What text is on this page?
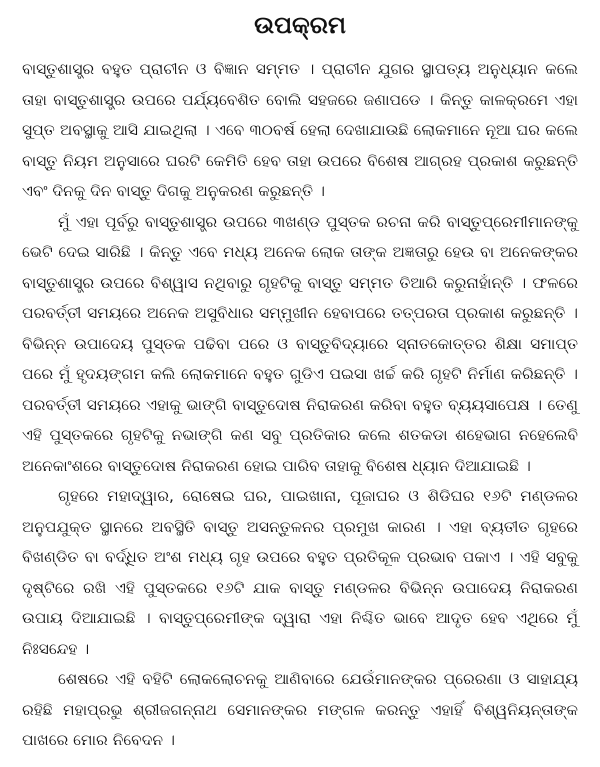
ଉପକ୍ରମ

ବାସ୍ତୁଶାସ୍ତ୍ର ବହୁତ ପ୍ରାଚୀନ ଓ ବିଜ୍ଞାନ ସମ୍ମତ । ପ୍ରାଚୀନ ଯୁଗର ସ୍ଥାପତ୍ୟ ଅନୁଧ୍ୟାନ କଲେ ତାହା ବାସ୍ତୁଶାସ୍ତ୍ର ଉପରେ ପର୍ଯ୍ୟବେଶିତ ବୋଲି ସହଜରେ ଜଣାପଡେ । କିନ୍ତୁ କାଳକ୍ରମେ ଏହା ସୁପ୍ତ ଅବସ୍ଥାକୁ ଆସି ଯାଇଥିଲା । ଏବେ ୩୦ବର୍ଷ ହେଲା ଦେଖାଯାଉଛି ଲୋକମାନେ ନୂଆ ଘର କଲେ ବାସ୍ତୁ ନିୟମ ଅନୁସାରେ ଘରଟି କେମିତି ହେବ ତାହା ଉପରେ ବିଶେଷ ଆଗ୍ରହ ପ୍ରକାଶ କରୁଛନ୍ତି ଏବଂ ଦିନକୁ ଦିନ ବାସ୍ତୁ ଦିଗକୁ ଅନୁକରଣ କରୁଛନ୍ତି ।

ମୁଁ ଏହା ପୂର୍ବରୁ ବାସ୍ତୁଶାସ୍ତ୍ର ଉପରେ ୩ଖଣ୍ଡ ପୁସ୍ତକ ରଚନା କରି ବାସ୍ତୁପ୍ରେମୀମାନଙ୍କୁ ଭେଟି ଦେଇ ସାରିଛି । କିନ୍ତୁ ଏବେ ମଧ୍ୟ ଅନେକ ଲୋକ ତାଙ୍କ ଅଜ୍ଞତାରୁ ହେଉ ବା ଅନେକଙ୍କର ବାସ୍ତୁଶାସ୍ତ୍ର ଉପରେ ବିଶ୍ୱାସ ନଥିବାରୁ ଗୃହଟିକୁ ବାସ୍ତୁ ସମ୍ମତ ତିଆରି କରୁନାହାଁନ୍ତି । ଫଳରେ ପରବର୍ତ୍ତୀ ସମୟରେ ଅନେକ ଅସୁବିଧାର ସମ୍ମୁଖୀନ ହେବାପରେ ତତ୍ପରତା ପ୍ରକାଶ କରୁଛନ୍ତି । ବିଭିନ୍ନ ଉପାଦେୟ ପୁସ୍ତକ ପଢିବା ପରେ ଓ ବାସ୍ତୁବିଦ୍ୟାରେ ସ୍ନାତକୋତ୍ତର ଶିକ୍ଷା ସମାପ୍ତ ପରେ ମୁଁ ହୃଦୟଙ୍ଗମ କଲି ଲୋକମାନେ ବହୁତ ଗୁଡିଏ ପଇସା ଖର୍ଚ୍ଚ କରି ଗୃହଟି ନିର୍ମାଣ କରିଛନ୍ତି । ପରବର୍ତ୍ତୀ ସମୟରେ ଏହାକୁ ଭାଙ୍ଗି ବାସ୍ତୁଦୋଷ ନିରାକରଣ କରିବା ବହୁତ ବ୍ୟୟସାପେକ୍ଷ । ତେଣୁ ଏହି ପୁସ୍ତକରେ ଗୃହଟିକୁ ନଭାଙ୍ଗି କଣ ସବୁ ପ୍ରତିକାର କଲେ ଶତକଡା ଶହେଭାଗ ନହେଲେବି ଅନେକାଂଶରେ ବାସ୍ତୁଦୋଷ ନିରାକରଣ ହୋଇ ପାରିବ ତାହାକୁ ବିଶେଷ ଧ୍ୟାନ ଦିଆଯାଇଛି ।

ଗୃହରେ ମହାଦ୍ୱାର, ରୋଷେଇ ଘର, ପାଇଖାନା, ପୂଜାଘର ଓ ଶିଡିଘର ୧୬ଟି ମଣ୍ଡଳର ଅନୁପଯୁକ୍ତ ସ୍ଥାନରେ ଅବସ୍ଥିତି ବାସ୍ତୁ ଅସନ୍ତୁଳନର ପ୍ରମୁଖ କାରଣ । ଏହା ବ୍ୟତୀତ ଗୃହରେ ବିଖଣ୍ଡିତ ବା ବର୍ଦ୍ଧିତ ଅଂଶ ମଧ୍ୟ ଗୃହ ଉପରେ ବହୁତ ପ୍ରତିକୂଳ ପ୍ରଭାବ ପକାଏ । ଏହି ସବୁକୁ ଦୃଷ୍ଟିରେ ରଖି ଏହି ପୁସ୍ତକରେ ୧୬ଟି ଯାକ ବାସ୍ତୁ ମଣ୍ଡଳର ବିଭିନ୍ନ ଉପାଦେୟ ନିରାକରଣ ଉପାୟ ଦିଆଯାଇଛି । ବାସ୍ତୁପ୍ରେମୀଙ୍କ ଦ୍ୱାରା ଏହା ନିଶ୍ଚିତ ଭାବେ ଆଦୃତ ହେବ ଏଥିରେ ମୁଁ ନିଃସନ୍ଦେହ ।

ଶେଷରେ ଏହି ବହିଟି ଲୋକଲୋଚନକୁ ଆଣିବାରେ ଯେଉଁମାନଙ୍କର ପ୍ରେରଣା ଓ ସାହାଯ୍ୟ ରହିଛି ମହାପ୍ରଭୁ ଶ୍ରୀଜଗନ୍ନାଥ ସେମାନଙ୍କର ମଙ୍ଗଳ କରନ୍ତୁ ଏହାହିଁ ବିଶ୍ୱନିୟନ୍ତାଙ୍କ ପାଖରେ ମୋର ନିବେଦନ ।
